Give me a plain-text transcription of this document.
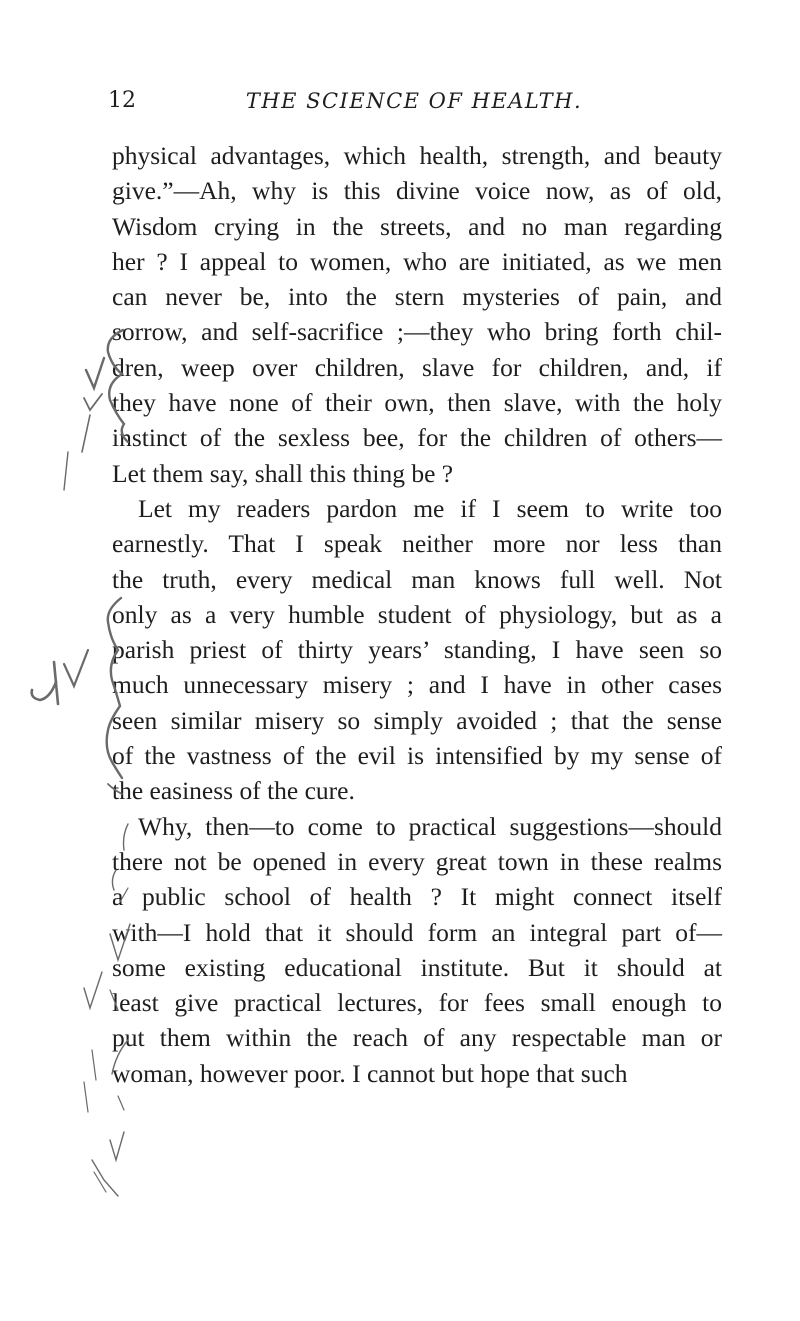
12	THE SCIENCE OF HEALTH.
physical advantages, which health, strength, and beauty
give.”—Ah, why is this divine voice now, as of old,
Wisdom crying in the streets, and no man regarding
her ? I appeal to women, who are initiated, as we men
can never be, into the stern mysteries of pain, and
sorrow, and self-sacrifice ;—they who bring forth chil-
dren, weep over children, slave for children, and, if
they have none of their own, then slave, with the holy
instinct of the sexless bee, for the children of others—
Let them say, shall this thing be ?
Let my readers pardon me if I seem to write too
earnestly. That I speak neither more nor less than
the truth, every medical man knows full well. Not
only as a very humble student of physiology, but as a
parish priest of thirty years’ standing, I have seen so
much unnecessary misery ; and I have in other cases
seen similar misery so simply avoided ; that the sense
of the vastness of the evil is intensified by my sense of
the easiness of the cure.
Why, then—to come to practical suggestions—should
there not be opened in every great town in these realms
a public school of health ? It might connect itself
with—I hold that it should form an integral part of—
some existing educational institute. But it should at
least give practical lectures, for fees small enough to
put them within the reach of any respectable man or
woman, however poor. I cannot but hope that such
